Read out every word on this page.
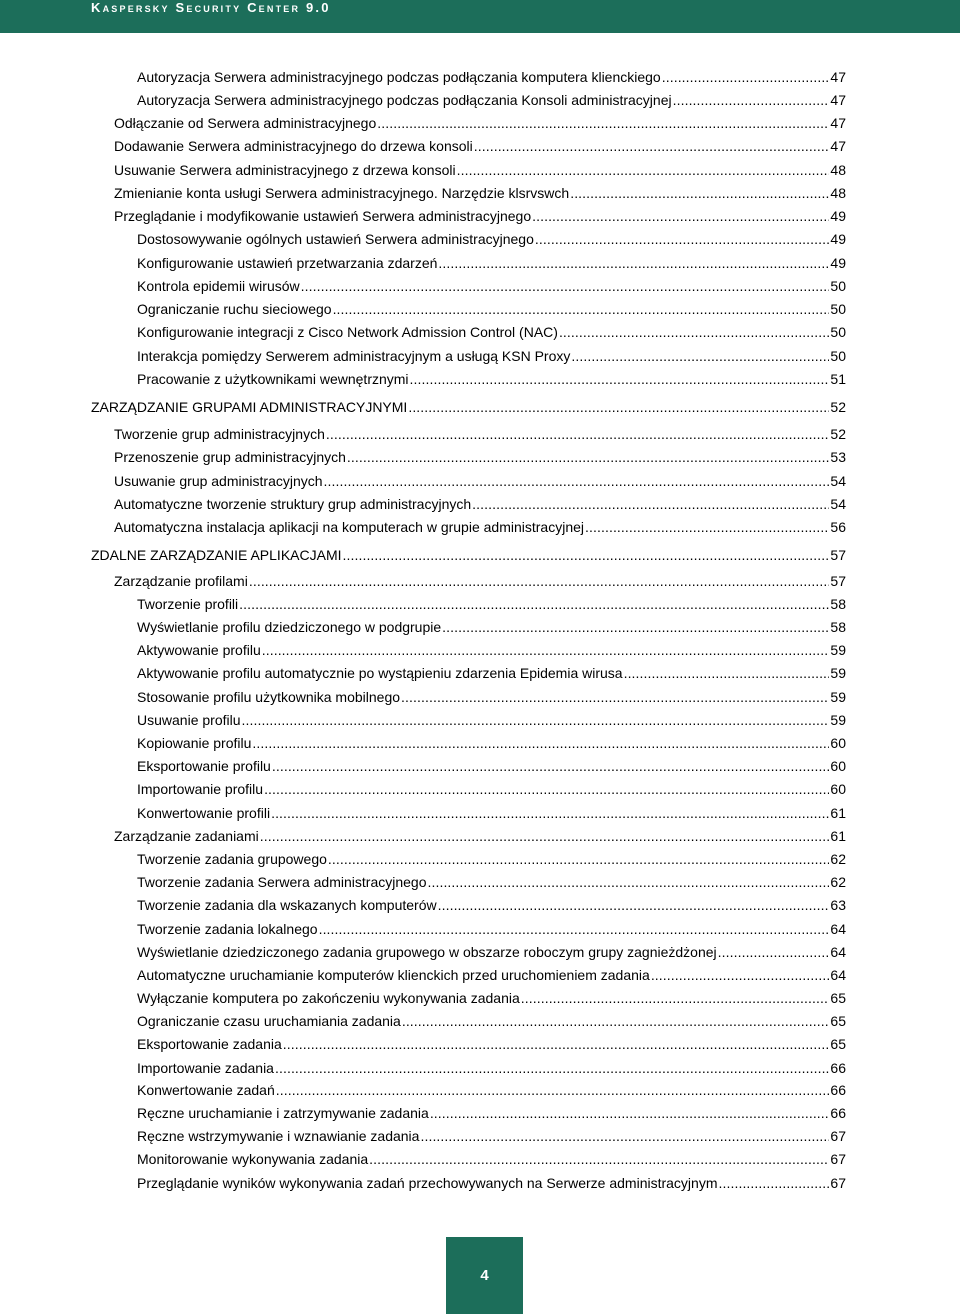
Kaspersky Security Center 9.0
Autoryzacja Serwera administracyjnego podczas podłączania komputera klienckiego .....	47
Autoryzacja Serwera administracyjnego podczas podłączania Konsoli administracyjnej .....	47
Odłączanie od Serwera administracyjnego .....	47
Dodawanie Serwera administracyjnego do drzewa konsoli .....	47
Usuwanie Serwera administracyjnego z drzewa konsoli .....	48
Zmienianie konta usługi Serwera administracyjnego. Narzędzie klsrvswch .....	48
Przeglądanie i modyfikowanie ustawień Serwera administracyjnego .....	49
Dostosowywanie ogólnych ustawień Serwera administracyjnego .....	49
Konfigurowanie ustawień przetwarzania zdarzeń .....	49
Kontrola epidemii wirusów .....	50
Ograniczanie ruchu sieciowego .....	50
Konfigurowanie integracji z Cisco Network Admission Control (NAC) .....	50
Interakcja pomiędzy Serwerem administracyjnym a usługą KSN Proxy .....	50
Pracowanie z użytkownikami wewnętrznymi .....	51
ZARZĄDZANIE GRUPAMI ADMINISTRACYJNYMI .....	52
Tworzenie grup administracyjnych .....	52
Przenoszenie grup administracyjnych .....	53
Usuwanie grup administracyjnych .....	54
Automatyczne tworzenie struktury grup administracyjnych .....	54
Automatyczna instalacja aplikacji na komputerach w grupie administracyjnej .....	56
ZDALNE ZARZĄDZANIE APLIKACJAMI .....	57
Zarządzanie profilami .....	57
Tworzenie profili .....	58
Wyświetlanie profilu dziedziczonego w podgrupie .....	58
Aktywowanie profilu .....	59
Aktywowanie profilu automatycznie po wystąpieniu zdarzenia Epidemia wirusa .....	59
Stosowanie profilu użytkownika mobilnego .....	59
Usuwanie profilu .....	59
Kopiowanie profilu .....	60
Eksportowanie profilu .....	60
Importowanie profilu .....	60
Konwertowanie profili .....	61
Zarządzanie zadaniami .....	61
Tworzenie zadania grupowego .....	62
Tworzenie zadania Serwera administracyjnego .....	62
Tworzenie zadania dla wskazanych komputerów .....	63
Tworzenie zadania lokalnego .....	64
Wyświetlanie dziedziczonego zadania grupowego w obszarze roboczym grupy zagnieżdżonej .....	64
Automatyczne uruchamianie komputerów klienckich przed uruchomieniem zadania .....	64
Wyłączanie komputera po zakończeniu wykonywania zadania .....	65
Ograniczanie czasu uruchamiania zadania .....	65
Eksportowanie zadania .....	65
Importowanie zadania .....	66
Konwertowanie zadań .....	66
Ręczne uruchamianie i zatrzymywanie zadania .....	66
Ręczne wstrzymywanie i wznawianie zadania .....	67
Monitorowanie wykonywania zadania .....	67
Przeglądanie wyników wykonywania zadań przechowywanych na Serwerze administracyjnym .....	67
4
